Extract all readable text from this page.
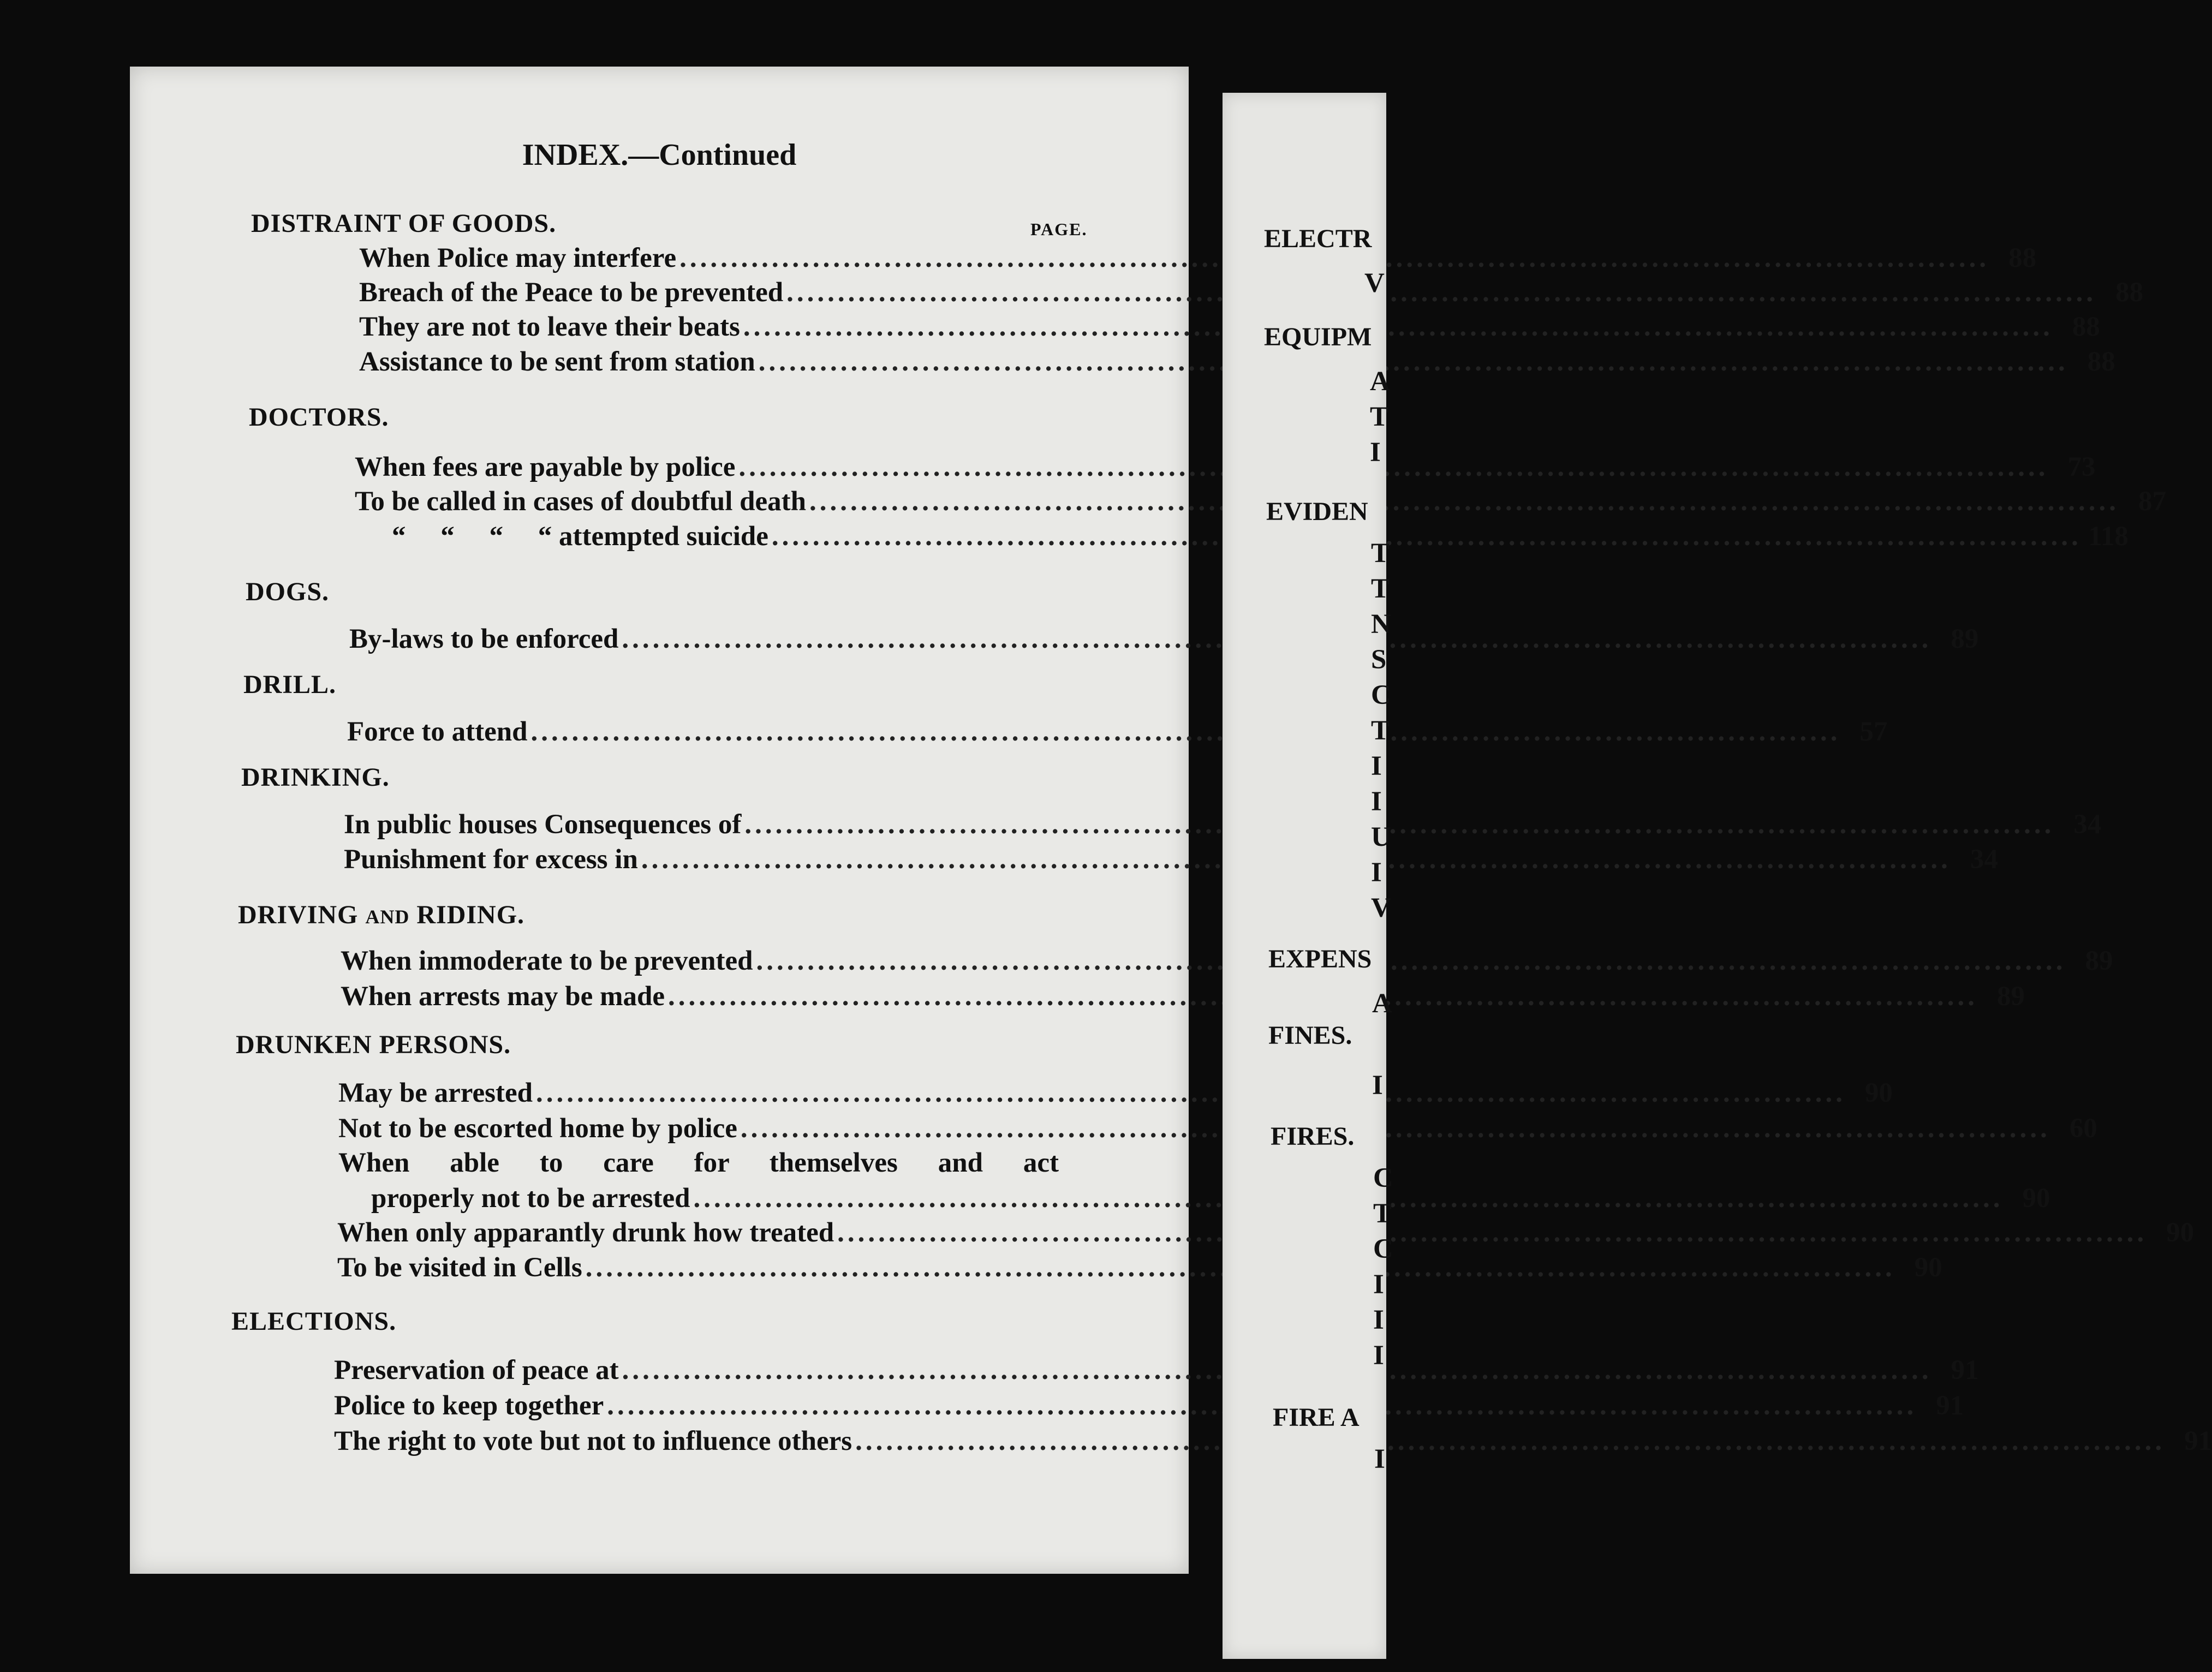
INDEX.—Continued
PAGE.
DISTRAINT OF GOODS.
When Police may interfere .....	88
Breach of the Peace to be prevented .....	88
They are not to leave their beats .....	88
Assistance to be sent from station .....	88
DOCTORS.
When fees are payable by police .....	73
To be called in cases of doubtful death .....	87
“     “     “     “ attempted suicide .....	118
DOGS.
By-laws to be enforced .....	89
DRILL.
Force to attend .....	57
DRINKING.
In public houses Consequences of .....	34
Punishment for excess in .....	34
DRIVING AND RIDING.
When immoderate to be prevented .....	89
When arrests may be made .....	89
DRUNKEN PERSONS.
May be arrested .....	90
Not to be escorted home by police .....	60
When able to care for themselves and act
properly not to be arrested .....	90
When only apparantly drunk how treated .....	90
To be visited in Cells .....	90
ELECTIONS.
Preservation of peace at .....	91
Police to keep together .....	91
The right to vote but not to influence others .....	91
ELECTR
V
EQUIPM
A
T
I
EVIDEN
T
T
N
S
C
T
I
I
U
I
V
EXPENS
A
FINES.
I
FIRES.
C
T
C
I
I
I
FIRE A
I
